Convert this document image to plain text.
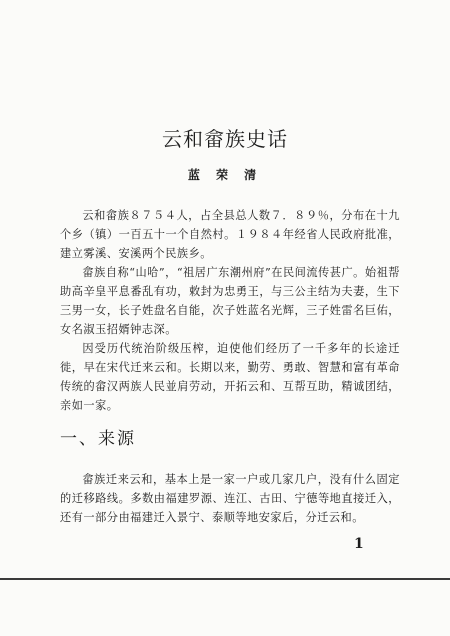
云和畲族史话
蓝 荣 清

云和畲族８７５４人，占全县总人数７．８９％，分布在十九个乡（镇）一百五十一个自然村。１９８４年经省人民政府批准，建立雾溪、安溪两个民族乡。

畲族自称“山哈”，“祖居广东潮州府”在民间流传甚广。始祖帮助高辛皇平息番乱有功，敕封为忠勇王，与三公主结为夫妻，生下三男一女，长子姓盘名自能，次子姓蓝名光辉，三子姓雷名巨佑，女名淑玉招婿钟志深。

因受历代统治阶级压榨，迫使他们经历了一千多年的长途迁徙，早在宋代迁来云和。长期以来，勤劳、勇敢、智慧和富有革命传统的畲汉两族人民並肩劳动，开拓云和、互帮互助，精诚团结，亲如一家。

一、来源

畲族迁来云和，基本上是一家一户或几家几户，没有什么固定的迁移路线。多数由福建罗源、连江、古田、宁德等地直接迁入，还有一部分由福建迁入景宁、泰顺等地安家后，分迁云和。

1
